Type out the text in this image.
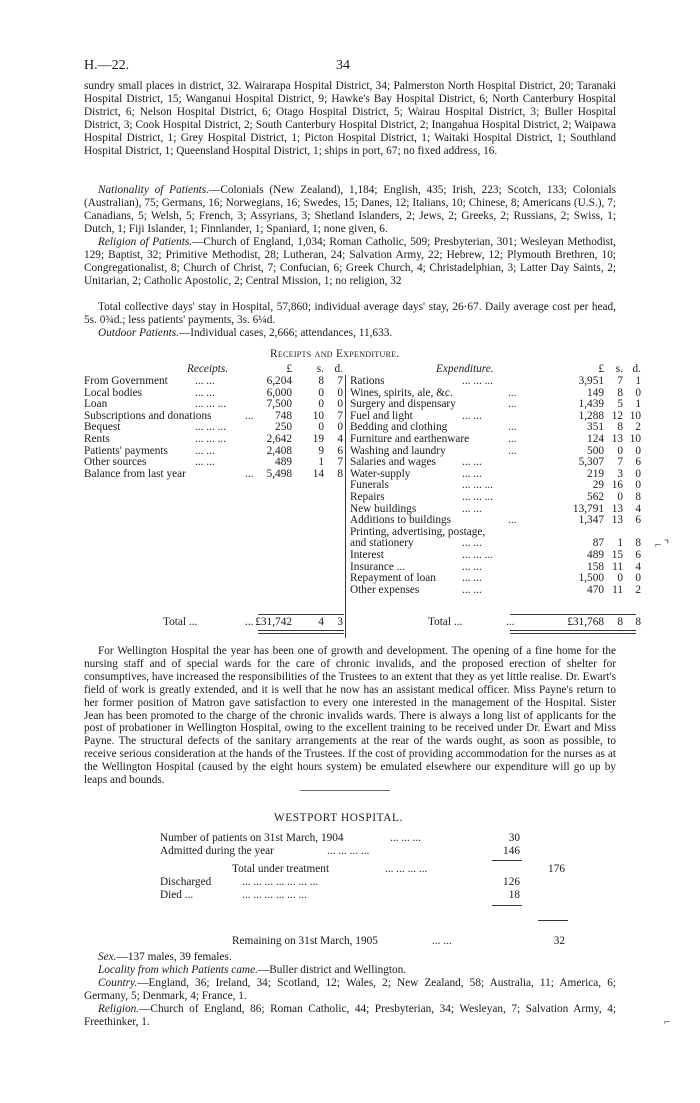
H.—22.	34

sundry small places in district, 32. Wairarapa Hospital District, 34; Palmerston North Hospital District, 20; Taranaki Hospital District, 15; Wanganui Hospital District, 9; Hawke's Bay Hospital District, 6; North Canterbury Hospital District, 6; Nelson Hospital District, 6; Otago Hospital District, 5; Wairau Hospital District, 3; Buller Hospital District, 3; Cook Hospital District, 2; South Canterbury Hospital District, 2; Inangahua Hospital District, 2; Waipawa Hospital District, 1; Grey Hospital District, 1; Picton Hospital District, 1; Waitaki Hospital District, 1; Southland Hospital District, 1; Queensland Hospital District, 1; ships in port, 67; no fixed address, 16.

Nationality of Patients.—Colonials (New Zealand), 1,184; English, 435; Irish, 223; Scotch, 133; Colonials (Australian), 75; Germans, 16; Norwegians, 16; Swedes, 15; Danes, 12; Italians, 10; Chinese, 8; Americans (U.S.), 7; Canadians, 5; Welsh, 5; French, 3; Assyrians, 3; Shetland Islanders, 2; Jews, 2; Greeks, 2; Russians, 2; Swiss, 1; Dutch, 1; Fiji Islander, 1; Finnlander, 1; Spaniard, 1; none given, 6.

Religion of Patients.—Church of England, 1,034; Roman Catholic, 509; Presbyterian, 301; Wesleyan Methodist, 129; Baptist, 32; Primitive Methodist, 28; Lutheran, 24; Salvation Army, 22; Hebrew, 12; Plymouth Brethren, 10; Congregationalist, 8; Church of Christ, 7; Confucian, 6; Greek Church, 4; Christadelphian, 3; Latter Day Saints, 2; Unitarian, 2; Catholic Apostolic, 2; Central Mission, 1; no religion, 32

Total collective days' stay in Hospital, 57,860; individual average days' stay, 26·67. Daily average cost per head, 5s. 0¾d.; less patients' payments, 3s. 6¼d.

Outdoor Patients.—Individual cases, 2,666; attendances, 11,633.

Receipts and Expenditure.
Receipts.	Expenditure.
£	s. d.	£	s. d.
From Government ... ...	6,204	8	7
Local bodies	... ...	6,000	0	0
Loan	... ... ...	7,500	0	0
Subscriptions and donations	...	748	10	7
Bequest	... ... ...	250	0	0
Rents	... ... ...	2,642	19	4
Patients' payments ... ...	2,408	9	6
Other sources	... ...	489	1	7
Balance from last year	...	5,498	14	8
Rations	... ... ...	3,951	7	1
Wines, spirits, ale, &c.	...	149	8	0
Surgery and dispensary	...	1,439	5	1
Fuel and light	... ...	1,288 12 10
Bedding and clothing	...	351	8	2
Furniture and earthenware	...	124 13 10
Washing and laundry	...	500	0	0
Salaries and wages ... ...	5,307	7	6
Water-supply	... ...	219	3	0
Funerals	... ... ...	29 16	0
Repairs	... ... ...	562	0	8
New buildings	... ...	13,791 13	4
Additions to buildings	...	1,347 13	6
Printing, advertising, postage,
and stationery	... ...	87	1	8
Interest	... ... ...	489 15	6
Insurance ...	... ...	158 11	4
Repayment of loan ... ...	1,500	0	0
Other expenses	... ...	470 11	2
Total ...	... £31,742	4	3	Total ...	...	£31,768	8	8

For Wellington Hospital the year has been one of growth and development. The opening of a fine home for the nursing staff and of special wards for the care of chronic invalids, and the proposed erection of shelter for consumptives, have increased the responsibilities of the Trustees to an extent that they as yet little realise. Dr. Ewart's field of work is greatly extended, and it is well that he now has an assistant medical officer. Miss Payne's return to her former position of Matron gave satisfaction to every one interested in the management of the Hospital. Sister Jean has been promoted to the charge of the chronic invalids wards. There is always a long list of applicants for the post of probationer in Wellington Hospital, owing to the excellent training to be received under Dr. Ewart and Miss Payne. The structural defects of the sanitary arrangements at the rear of the wards ought, as soon as possible, to receive serious consideration at the hands of the Trustees. If the cost of providing accommodation for the nurses as at the Wellington Hospital (caused by the eight hours system) be emulated elsewhere our expenditure will go up by leaps and bounds.

WESTPORT HOSPITAL.
Number of patients on 31st March, 1904	... ... ...	30
Admitted during the year	... ... ... ...	146
Total under treatment	... ... ... ...	176
Discharged	... ... ... ... ... ... ...	126
Died ...	... ... ... ... ... ...	18
Remaining on 31st March, 1905	... ...	32

Sex.—137 males, 39 females.

Locality from which Patients came.—Buller district and Wellington.

Country.—England, 36; Ireland, 34; Scotland, 12; Wales, 2; New Zealand, 58; Australia, 11; America, 6; Germany, 5; Denmark, 4; France, 1.

Religion.—Church of England, 86; Roman Catholic, 44; Presbyterian, 34; Wesleyan, 7; Salvation Army, 4; Freethinker, 1.

⌐ ⌝
⌐
